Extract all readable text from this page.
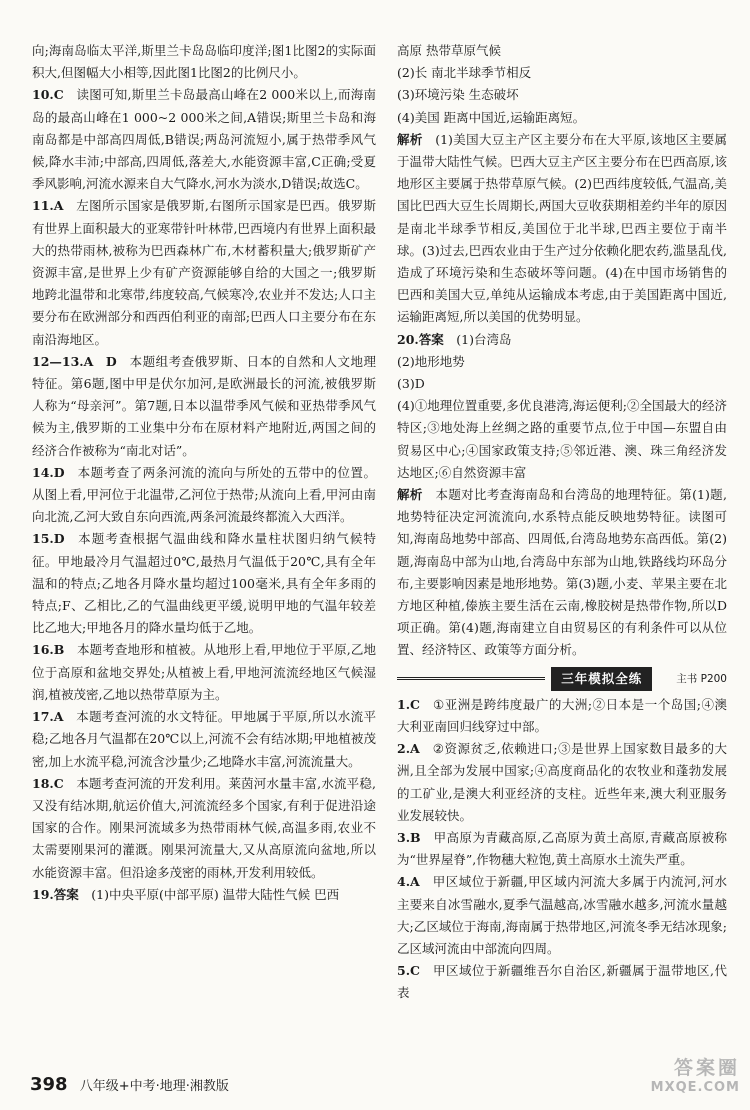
向;海南岛临太平洋,斯里兰卡岛岛临印度洋;图1比图2的实际面积大,但图幅大小相等,因此图1比图2的比例尺小。

10.C  读图可知,斯里兰卡岛最高山峰在2 000米以上,而海南岛的最高山峰在1 000~2 000米之间,A错误;斯里兰卡岛和海南岛都是中部高四周低,B错误;两岛河流短小,属于热带季风气候,降水丰沛;中部高,四周低,落差大,水能资源丰富,C正确;受夏季风影响,河流水源来自大气降水,河水为淡水,D错误;故选C。

11.A  左图所示国家是俄罗斯,右图所示国家是巴西。俄罗斯有世界上面积最大的亚寒带针叶林带,巴西境内有世界上面积最大的热带雨林,被称为巴西森林广布,木材蓄积量大;俄罗斯矿产资源丰富,是世界上少有矿产资源能够自给的大国之一;俄罗斯地跨北温带和北寒带,纬度较高,气候寒冷,农业并不发达;人口主要分布在欧洲部分和西西伯利亚的南部;巴西人口主要分布在东南沿海地区。

12—13.A  D  本题组考查俄罗斯、日本的自然和人文地理特征。第6题,图中甲是伏尔加河,是欧洲最长的河流,被俄罗斯人称为“母亲河”。第7题,日本以温带季风气候和亚热带季风气候为主,俄罗斯的工业集中分布在原材料产地附近,两国之间的经济合作被称为“南北对话”。

14.D  本题考查了两条河流的流向与所处的五带中的位置。从图上看,甲河位于北温带,乙河位于热带;从流向上看,甲河由南向北流,乙河大致自东向西流,两条河流最终都流入大西洋。

15.D  本题考查根据气温曲线和降水量柱状图归纳气候特征。甲地最冷月气温超过0℃,最热月气温低于20℃,具有全年温和的特点;乙地各月降水量均超过100毫米,具有全年多雨的特点;F、乙相比,乙的气温曲线更平缓,说明甲地的气温年较差比乙地大;甲地各月的降水量均低于乙地。

16.B  本题考查地形和植被。从地形上看,甲地位于平原,乙地位于高原和盆地交界处;从植被上看,甲地河流流经地区气候湿润,植被茂密,乙地以热带草原为主。

17.A  本题考查河流的水文特征。甲地属于平原,所以水流平稳;乙地各月气温都在20℃以上,河流不会有结冰期;甲地植被茂密,加上水流平稳,河流含沙量少;乙地降水丰富,河流流量大。

18.C  本题考查河流的开发利用。莱茵河水量丰富,水流平稳,又没有结冰期,航运价值大,河流流经多个国家,有利于促进沿途国家的合作。刚果河流域多为热带雨林气候,高温多雨,农业不太需要刚果河的灌溉。刚果河流量大,又从高原流向盆地,所以水能资源丰富。但沿途多茂密的雨林,开发利用较低。

19.答案  (1)中央平原(中部平原) 温带大陆性气候 巴西

高原 热带草原气候

(2)长 南北半球季节相反

(3)环境污染 生态破坏

(4)美国 距离中国近,运输距离短。

解析  (1)美国大豆主产区主要分布在大平原,该地区主要属于温带大陆性气候。巴西大豆主产区主要分布在巴西高原,该地形区主要属于热带草原气候。(2)巴西纬度较低,气温高,美国比巴西大豆生长周期长,两国大豆收获期相差约半年的原因是南北半球季节相反,美国位于北半球,巴西主要位于南半球。(3)过去,巴西农业由于生产过分依赖化肥农药,滥垦乱伐,造成了环境污染和生态破坏等问题。(4)在中国市场销售的巴西和美国大豆,单纯从运输成本考虑,由于美国距离中国近,运输距离短,所以美国的优势明显。

20.答案  (1)台湾岛

(2)地形地势

(3)D

(4)①地理位置重要,多优良港湾,海运便利;②全国最大的经济特区;③地处海上丝绸之路的重要节点,位于中国—东盟自由贸易区中心;④国家政策支持;⑤邻近港、澳、珠三角经济发达地区;⑥自然资源丰富

解析  本题对比考查海南岛和台湾岛的地理特征。第(1)题,地势特征决定河流流向,水系特点能反映地势特征。读图可知,海南岛地势中部高、四周低,台湾岛地势东高西低。第(2)题,海南岛中部为山地,台湾岛中东部为山地,铁路线均环岛分布,主要影响因素是地形地势。第(3)题,小麦、苹果主要在北方地区种植,傣族主要生活在云南,橡胶树是热带作物,所以D项正确。第(4)题,海南建立自由贸易区的有利条件可以从位置、经济特区、政策等方面分析。

三年模拟全练	主书 P200

1.C  ①亚洲是跨纬度最广的大洲;②日本是一个岛国;④澳大利亚南回归线穿过中部。

2.A  ②资源贫乏,依赖进口;③是世界上国家数目最多的大洲,且全部为发展中国家;④高度商品化的农牧业和蓬勃发展的工矿业,是澳大利亚经济的支柱。近些年来,澳大利亚服务业发展较快。

3.B  甲高原为青藏高原,乙高原为黄土高原,青藏高原被称为“世界屋脊”,作物穗大粒饱,黄土高原水土流失严重。

4.A  甲区域位于新疆,甲区域内河流大多属于内流河,河水主要来自冰雪融水,夏季气温越高,冰雪融水越多,河流水量越大;乙区域位于海南,海南属于热带地区,河流冬季无结冰现象;乙区域河流由中部流向四周。

5.C  甲区域位于新疆维吾尔自治区,新疆属于温带地区,代表

398 八年级+中考·地理·湘教版
答案圈
MXQE.COM
